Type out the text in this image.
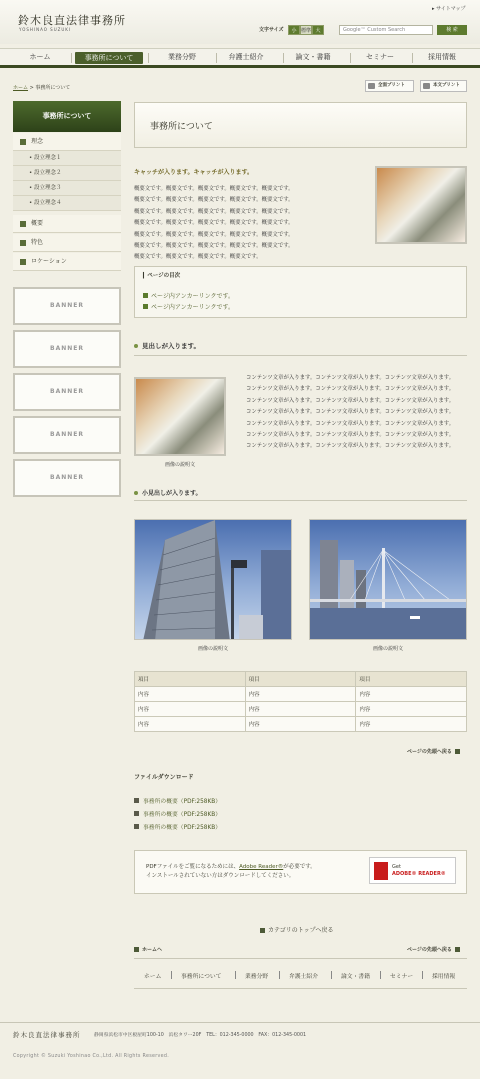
鈴木良直法律事務所
YOSHINAO SUZUKI
▸ サイトマップ
文字サイズ	小 標準 大	Google™ Custom Search	検 索
ホーム	事務所について	業務分野	弁護士紹介	論文・書籍	セミナー	採用情報
ホーム > 事務所について	全面プリント	本文プリント
事務所について
理念
• 設立理念１
• 設立理念２
• 設立理念３
• 設立理念４
概要
特色
ロケーション
BANNER
BANNER
BANNER
BANNER
BANNER
事務所について
キャッチが入ります。キャッチが入ります。
概要文です。概要文です。概要文です。概要文です。概要文です。
概要文です。概要文です。概要文です。概要文です。概要文です。
概要文です。概要文です。概要文です。概要文です。概要文です。
概要文です。概要文です。概要文です。概要文です。概要文です。
概要文です。概要文です。概要文です。概要文です。概要文です。
概要文です。概要文です。概要文です。概要文です。概要文です。
概要文です。概要文です。概要文です。概要文です。
▎ページの目次
ページ内アンカーリンクです。
ページ内アンカーリンクです。
見出しが入ります。
画像の説明文
コンテンツ文章が入ります。コンテンツ文章が入ります。コンテンツ文章が入ります。
コンテンツ文章が入ります。コンテンツ文章が入ります。コンテンツ文章が入ります。
コンテンツ文章が入ります。コンテンツ文章が入ります。コンテンツ文章が入ります。
コンテンツ文章が入ります。コンテンツ文章が入ります。コンテンツ文章が入ります。
コンテンツ文章が入ります。コンテンツ文章が入ります。コンテンツ文章が入ります。
コンテンツ文章が入ります。コンテンツ文章が入ります。コンテンツ文章が入ります。
コンテンツ文章が入ります。コンテンツ文章が入ります。コンテンツ文章が入ります。
小見出しが入ります。
画像の説明文	画像の説明文
項目	項目	項目
内容	内容	内容
内容	内容	内容
内容	内容	内容
ページの先頭へ戻る
ファイルダウンロード
事務所の概要（PDF:258KB）
事務所の概要（PDF:258KB）
事務所の概要（PDF:258KB）
PDFファイルをご覧になるためには、Adobe Reader®が必要です。
インストールされていない方はダウンロードしてください。
Get
ADOBE® READER®
カテゴリのトップへ戻る
ホームへ	ページの先頭へ戻る
ホーム	事務所について	業務分野	弁護士紹介	論文・書籍	セミナー	採用情報
鈴木良直法律事務所	静岡県浜松市中区板屋町100-10　浜松タワー20F　TEL：012-345-0000　FAX：012-345-0001
Copyright © Suzuki Yoshinao Co.,Ltd. All Rights Reserved.
